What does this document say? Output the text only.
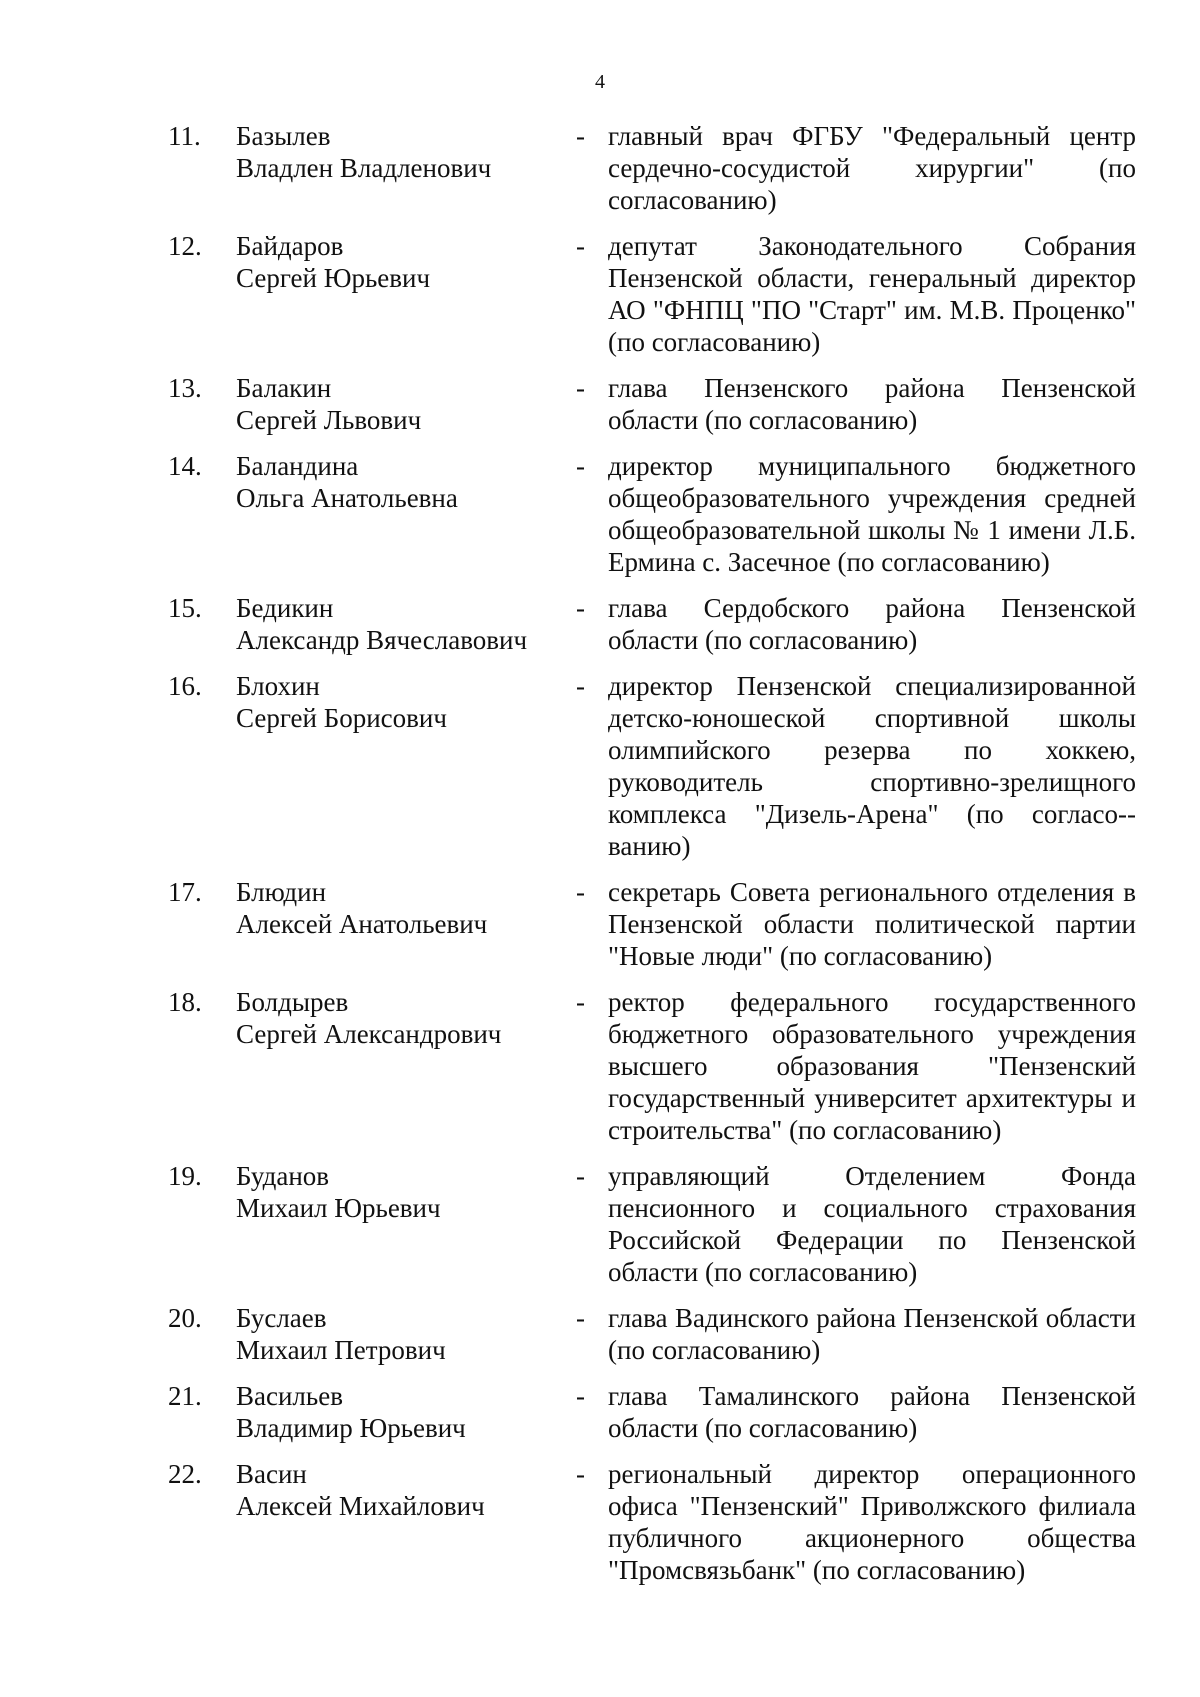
4
11. Базылев
Владлен Владленович
- главный врач ФГБУ "Федеральный центр сердечно-сосудистой хирургии" (по согласованию)
12. Байдаров
Сергей Юрьевич
- депутат Законодательного Собрания Пензенской области, генеральный директор АО "ФНПЦ "ПО "Старт" им. М.В. Проценко" (по согласованию)
13. Балакин
Сергей Львович
- глава Пензенского района Пензенской области (по согласованию)
14. Баландина
Ольга Анатольевна
- директор муниципального бюджетного общеобразовательного учреждения средней общеобразовательной школы № 1 имени Л.Б. Ермина с. Засечное (по согласованию)
15. Бедикин
Александр Вячеславович
- глава Сердобского района Пензенской области (по согласованию)
16. Блохин
Сергей Борисович
- директор Пензенской специализированной детско-юношеской спортивной школы олимпийского резерва по хоккею, руководитель спортивно-зрелищного комплекса "Дизель-Арена" (по согласо-ванию)
17. Блюдин
Алексей Анатольевич
- секретарь Совета регионального отделения в Пензенской области политической партии "Новые люди" (по согласованию)
18. Болдырев
Сергей Александрович
- ректор федерального государственного бюджетного образовательного учреждения высшего образования "Пензенский государственный университет архитектуры и строительства" (по согласованию)
19. Буданов
Михаил Юрьевич
- управляющий Отделением Фонда пенсионного и социального страхования Российской Федерации по Пензенской области (по согласованию)
20. Буслаев
Михаил Петрович
- глава Вадинского района Пензенской области (по согласованию)
21. Васильев
Владимир Юрьевич
- глава Тамалинского района Пензенской области (по согласованию)
22. Васин
Алексей Михайлович
- региональный директор операционного офиса "Пензенский" Приволжского филиала публичного акционерного общества "Промсвязьбанк" (по согласованию)
